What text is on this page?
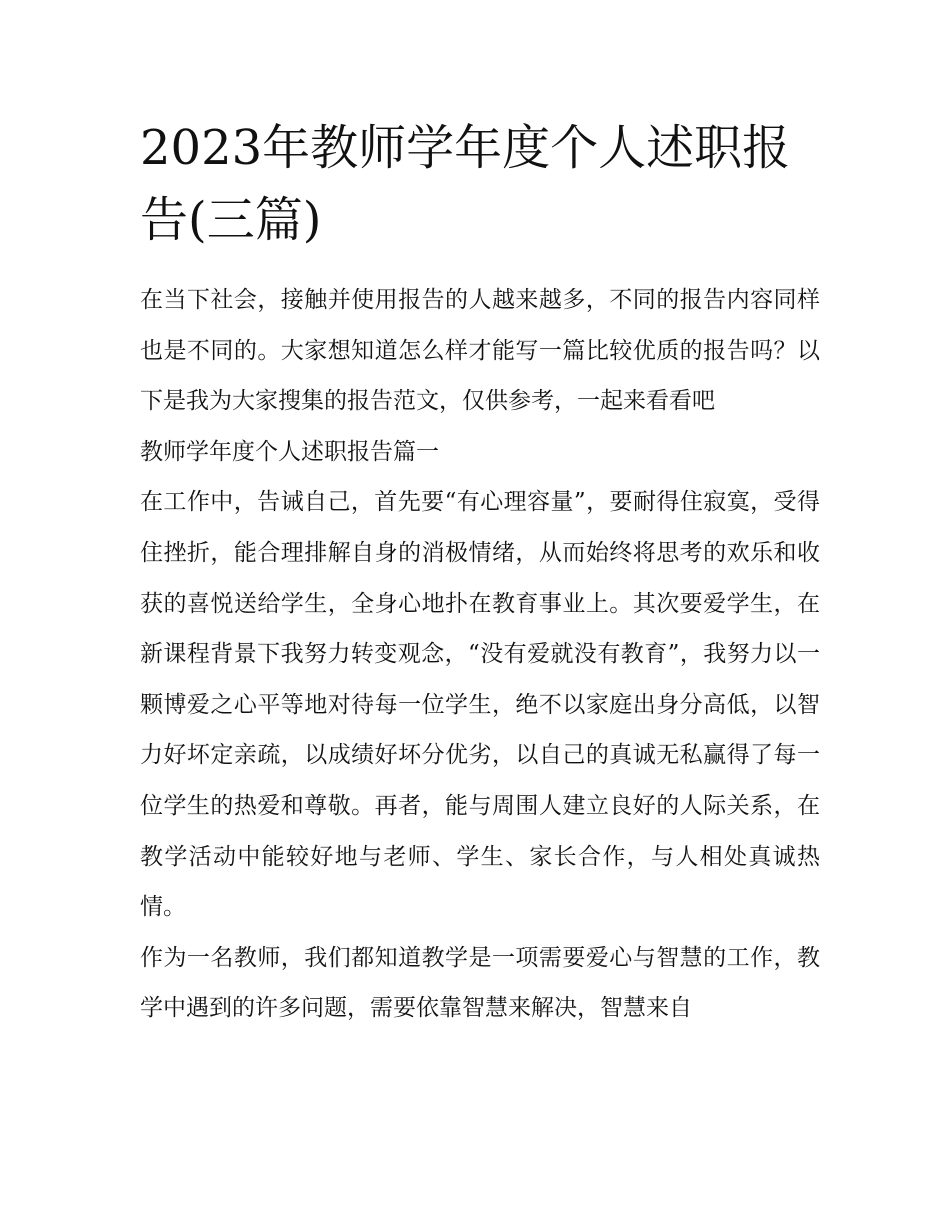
2023年教师学年度个人述职报告(三篇)

在当下社会，接触并使用报告的人越来越多，不同的报告内容同样也是不同的。大家想知道怎么样才能写一篇比较优质的报告吗？以下是我为大家搜集的报告范文，仅供参考，一起来看看吧

教师学年度个人述职报告篇一

在工作中，告诫自己，首先要“有心理容量”，要耐得住寂寞，受得住挫折，能合理排解自身的消极情绪，从而始终将思考的欢乐和收获的喜悦送给学生，全身心地扑在教育事业上。其次要爱学生，在新课程背景下我努力转变观念，“没有爱就没有教育”，我努力以一颗博爱之心平等地对待每一位学生，绝不以家庭出身分高低，以智力好坏定亲疏，以成绩好坏分优劣，以自己的真诚无私赢得了每一位学生的热爱和尊敬。再者，能与周围人建立良好的人际关系，在教学活动中能较好地与老师、学生、家长合作，与人相处真诚热情。

作为一名教师，我们都知道教学是一项需要爱心与智慧的工作，教学中遇到的许多问题，需要依靠智慧来解决，智慧来自
